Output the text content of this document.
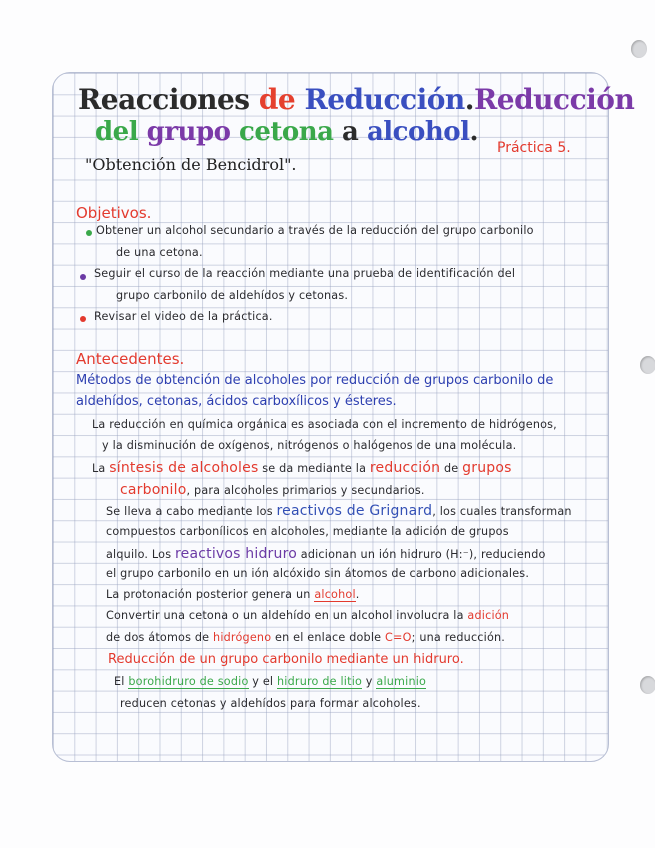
Reacciones de Reducción.Reducción
del grupo cetona a alcohol.
Práctica 5.
"Obtención de Bencidrol".
Objetivos.
Obtener un alcohol secundario a través de la reducción del grupo carbonilo
de una cetona.
Seguir el curso de la reacción mediante una prueba de identificación del
grupo carbonilo de aldehídos y cetonas.
Revisar el video de la práctica.
Antecedentes.
Métodos de obtención de alcoholes por reducción de grupos carbonilo de
aldehídos, cetonas, ácidos carboxílicos y ésteres.
La reducción en química orgánica es asociada con el incremento de hidrógenos,
y la disminución de oxígenos, nitrógenos o halógenos de una molécula.
La síntesis de alcoholes se da mediante la reducción de grupos
carbonilo, para alcoholes primarios y secundarios.
Se lleva a cabo mediante los reactivos de Grignard, los cuales transforman
compuestos carbonílicos en alcoholes, mediante la adición de grupos
alquilo. Los reactivos hidruro adicionan un ión hidruro (H:⁻), reduciendo
el grupo carbonilo en un ión alcóxido sin átomos de carbono adicionales.
La protonación posterior genera un alcohol.
Convertir una cetona o un aldehído en un alcohol involucra la adición
de dos átomos de hidrógeno en el enlace doble C=O; una reducción.
Reducción de un grupo carbonilo mediante un hidruro.
El borohidruro de sodio y el hidruro de litio y aluminio
reducen cetonas y aldehídos para formar alcoholes.
